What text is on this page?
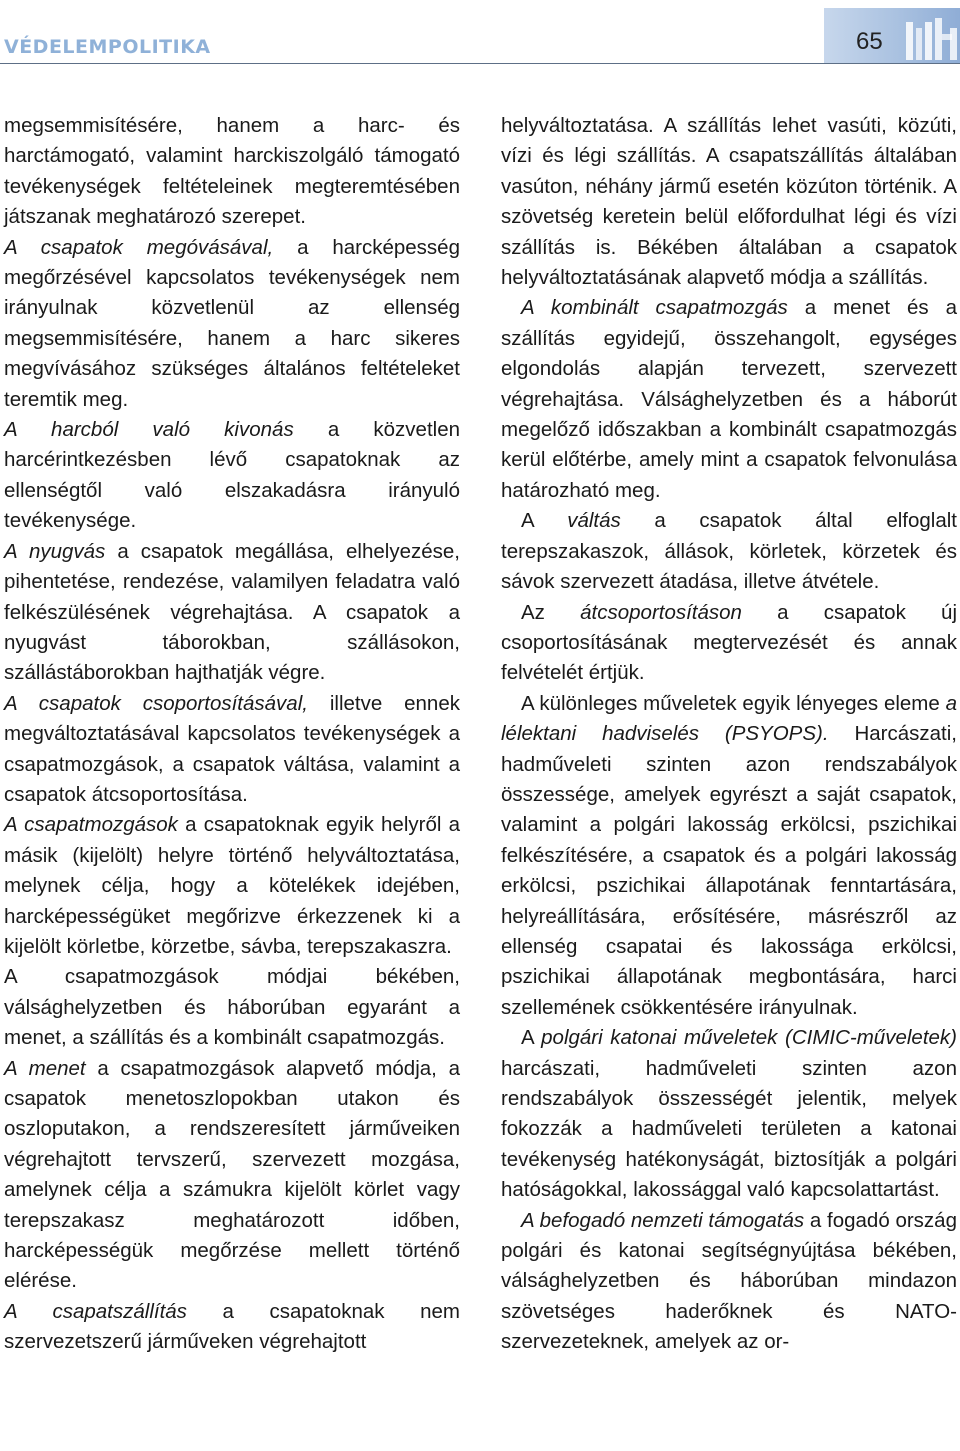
VÉDELEMPOLITIKA	65

megsemmisítésére, hanem a harc- és harctámogató, valamint harckiszolgáló támogató tevékenységek feltételeinek megteremtésében játszanak meghatározó szerepet.

A csapatok megóvásával, a harcképesség megőrzésével kapcsolatos tevékenységek nem irányulnak közvetlenül az ellenség megsemmisítésére, hanem a harc sikeres megvívásához szükséges általános feltételeket teremtik meg.

A harcból való kivonás a közvetlen harcérintkezésben lévő csapatoknak az ellenségtől való elszakadásra irányuló tevékenysége.

A nyugvás a csapatok megállása, elhelyezése, pihentetése, rendezése, valamilyen feladatra való felkészülésének végrehajtása. A csapatok a nyugvást táborokban, szállásokon, szállástáborokban hajthatják végre.

A csapatok csoportosításával, illetve ennek megváltoztatásával kapcsolatos tevékenységek a csapatmozgások, a csapatok váltása, valamint a csapatok átcsoportosítása.

A csapatmozgások a csapatoknak egyik helyről a másik (kijelölt) helyre történő helyváltoztatása, melynek célja, hogy a kötelékek idejében, harcképességüket megőrizve érkezzenek ki a kijelölt körletbe, körzetbe, sávba, terepszakaszra.

A csapatmozgások módjai békében, válsághelyzetben és háborúban egyaránt a menet, a szállítás és a kombinált csapatmozgás.

A menet a csapatmozgások alapvető módja, a csapatok menetoszlopokban utakon és oszloputakon, a rendszeresített járműveiken végrehajtott tervszerű, szervezett mozgása, amelynek célja a számukra kijelölt körlet vagy terepszakasz meghatározott időben, harcképességük megőrzése mellett történő elérése.

A csapatszállítás a csapatoknak nem szervezetszerű járműveken végrehajtott

helyváltoztatása. A szállítás lehet vasúti, közúti, vízi és légi szállítás. A csapatszállítás általában vasúton, néhány jármű esetén közúton történik. A szövetség keretein belül előfordulhat légi és vízi szállítás is. Békében általában a csapatok helyváltoztatásának alapvető módja a szállítás.

A kombinált csapatmozgás a menet és a szállítás egyidejű, összehangolt, egységes elgondolás alapján tervezett, szervezett végrehajtása. Válsághelyzetben és a háborút megelőző időszakban a kombinált csapatmozgás kerül előtérbe, amely mint a csapatok felvonulása határozható meg.

A váltás a csapatok által elfoglalt terepszakaszok, állások, körletek, körzetek és sávok szervezett átadása, illetve átvétele.

Az átcsoportosításon a csapatok új csoportosításának megtervezését és annak felvételét értjük.

A különleges műveletek egyik lényeges eleme a lélektani hadviselés (PSYOPS). Harcászati, hadműveleti szinten azon rendszabályok összessége, amelyek egyrészt a saját csapatok, valamint a polgári lakosság erkölcsi, pszichikai felkészítésére, a csapatok és a polgári lakosság erkölcsi, pszichikai állapotának fenntartására, helyreállítására, erősítésére, másrészről az ellenség csapatai és lakossága erkölcsi, pszichikai állapotának megbontására, harci szellemének csökkentésére irányulnak.

A polgári katonai műveletek (CIMIC-műveletek) harcászati, hadműveleti szinten azon rendszabályok összességét jelentik, melyek fokozzák a hadműveleti területen a katonai tevékenység hatékonyságát, biztosítják a polgári hatóságokkal, lakossággal való kapcsolattartást.

A befogadó nemzeti támogatás a fogadó ország polgári és katonai segítségnyújtása békében, válsághelyzetben és háborúban mindazon szövetséges haderőknek és NATO-szervezeteknek, amelyek az or-
